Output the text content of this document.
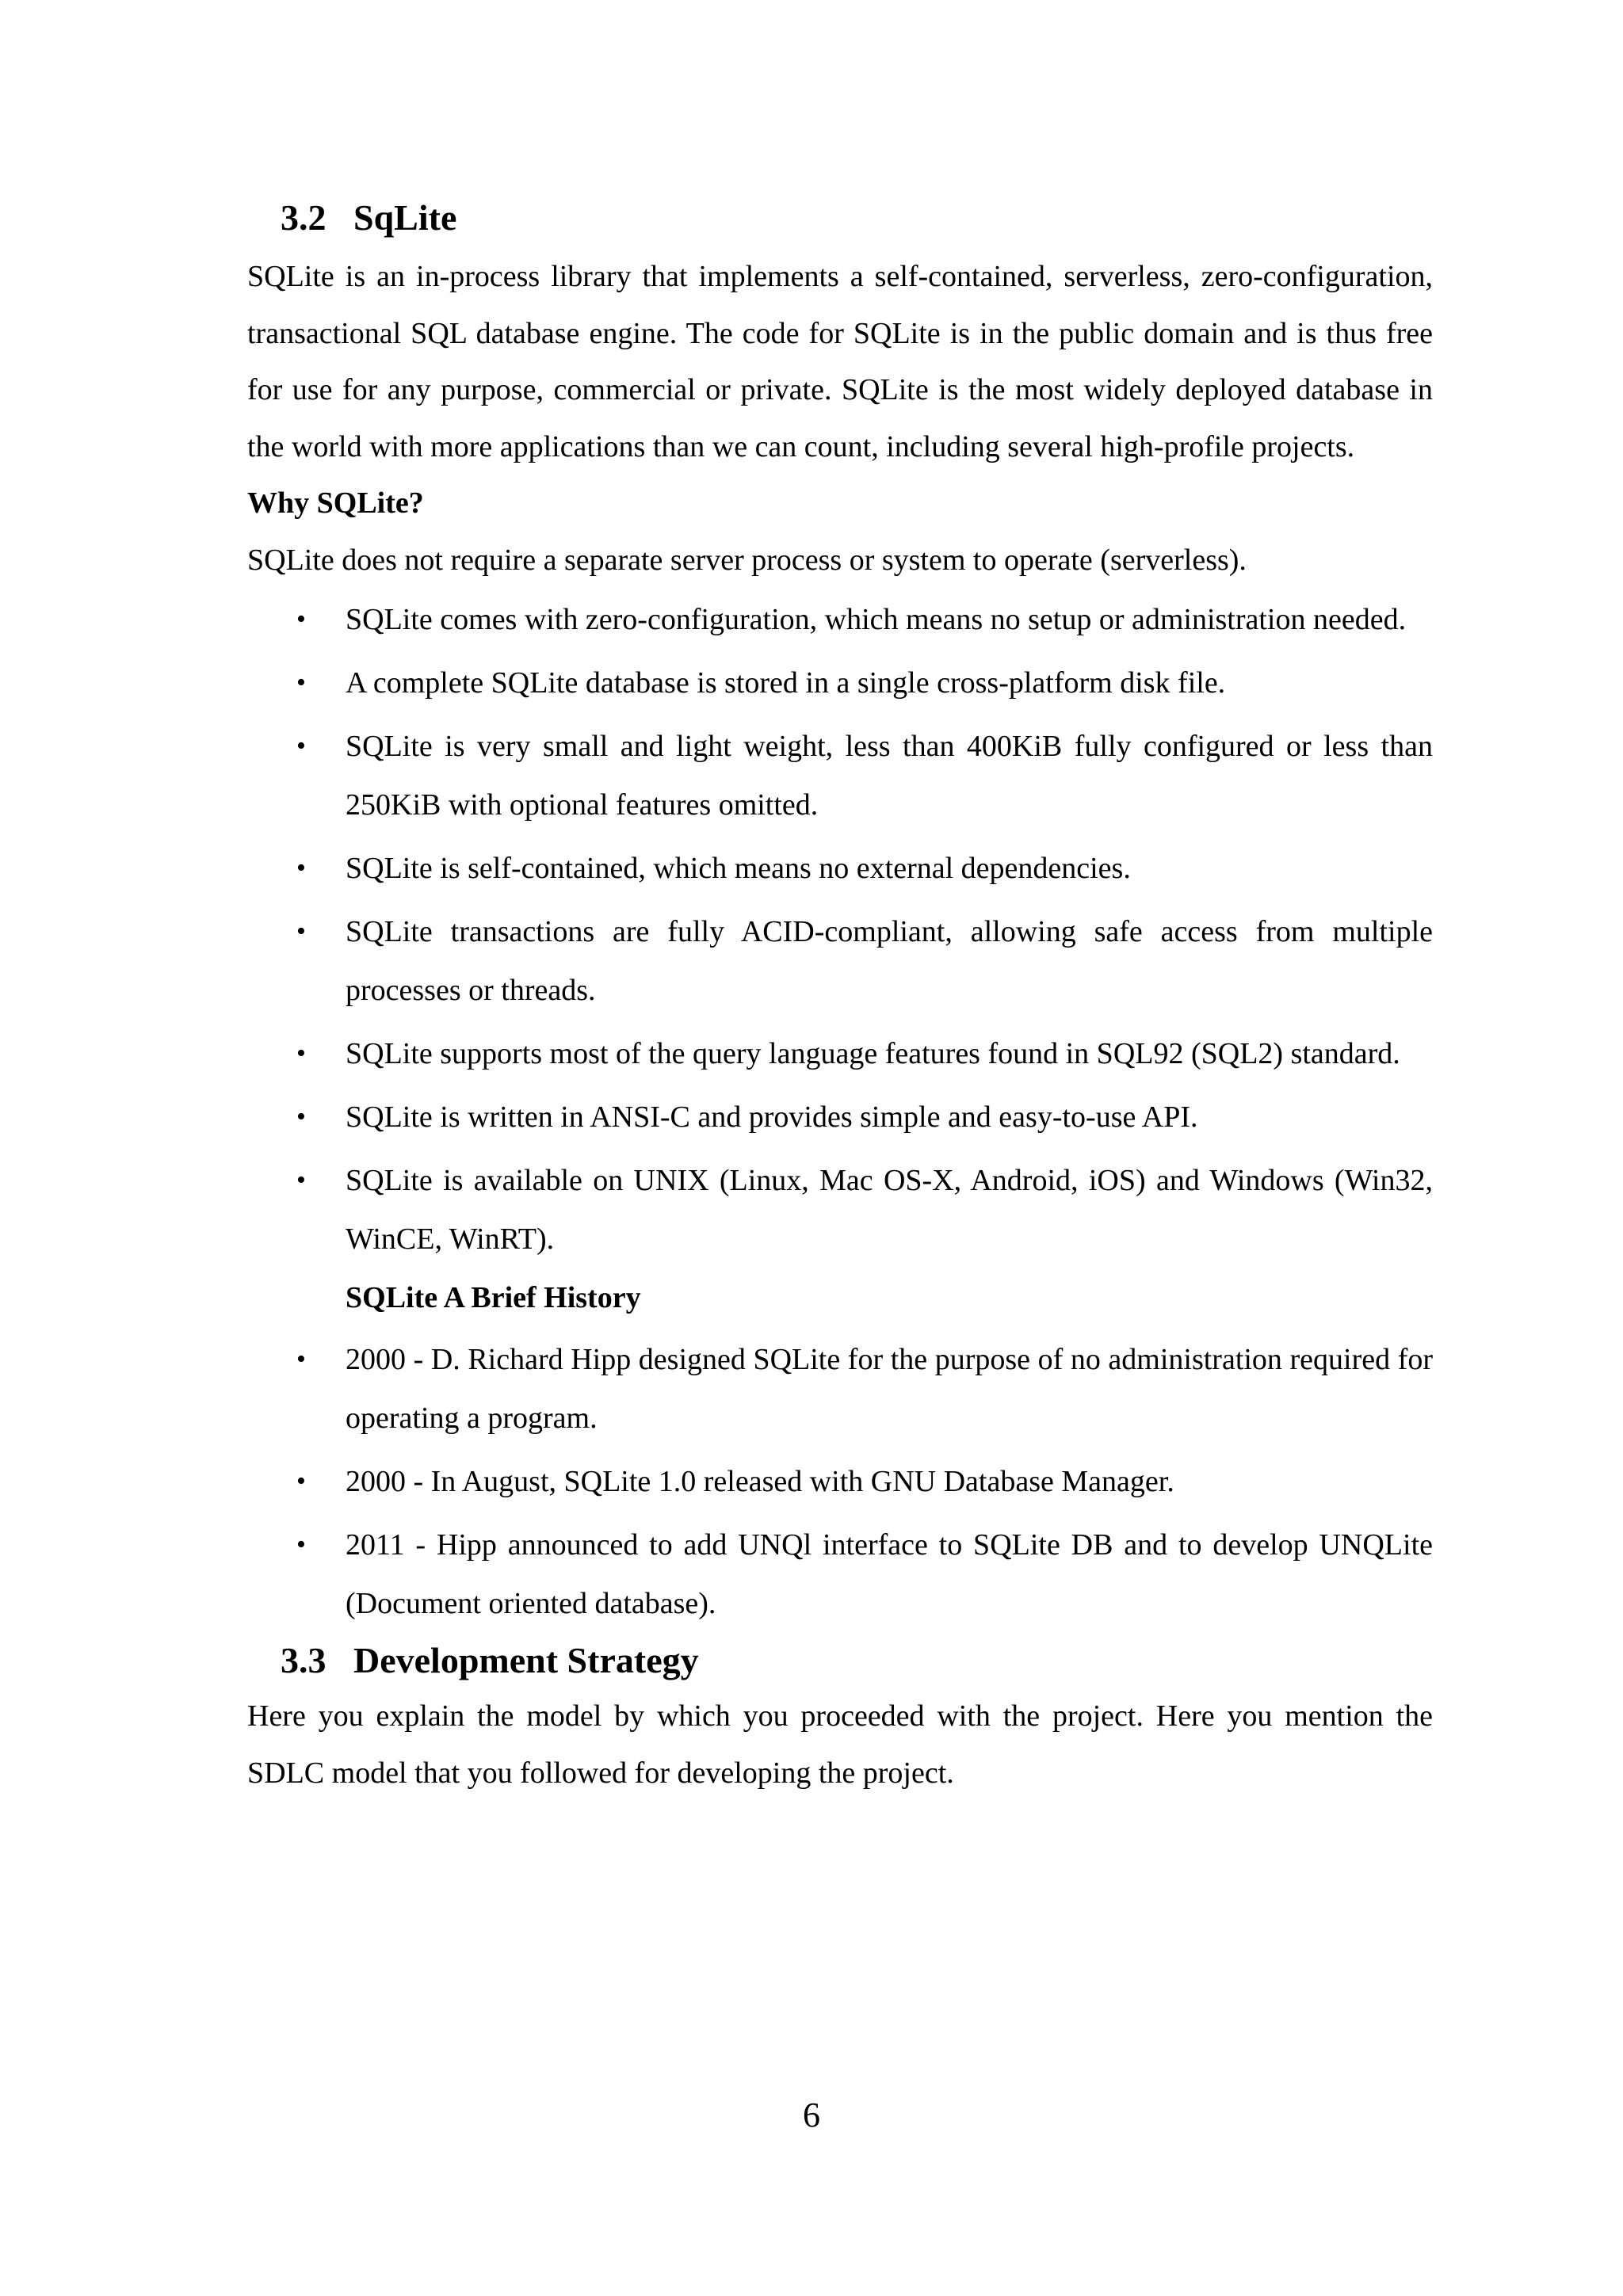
3.2 SqLite

SQLite is an in-process library that implements a self-contained, serverless, zero-configuration, transactional SQL database engine. The code for SQLite is in the public domain and is thus free for use for any purpose, commercial or private. SQLite is the most widely deployed database in the world with more applications than we can count, including several high-profile projects.

Why SQLite?

SQLite does not require a separate server process or system to operate (serverless).

• SQLite comes with zero-configuration, which means no setup or administration needed.
• A complete SQLite database is stored in a single cross-platform disk file.
• SQLite is very small and light weight, less than 400KiB fully configured or less than 250KiB with optional features omitted.
• SQLite is self-contained, which means no external dependencies.
• SQLite transactions are fully ACID-compliant, allowing safe access from multiple processes or threads.
• SQLite supports most of the query language features found in SQL92 (SQL2) standard.
• SQLite is written in ANSI-C and provides simple and easy-to-use API.
• SQLite is available on UNIX (Linux, Mac OS-X, Android, iOS) and Windows (Win32, WinCE, WinRT).

SQLite A Brief History

• 2000 - D. Richard Hipp designed SQLite for the purpose of no administration required for operating a program.
• 2000 - In August, SQLite 1.0 released with GNU Database Manager.
• 2011 - Hipp announced to add UNQl interface to SQLite DB and to develop UNQLite (Document oriented database).
3.3 Development Strategy

Here you explain the model by which you proceeded with the project. Here you mention the SDLC model that you followed for developing the project.

6
